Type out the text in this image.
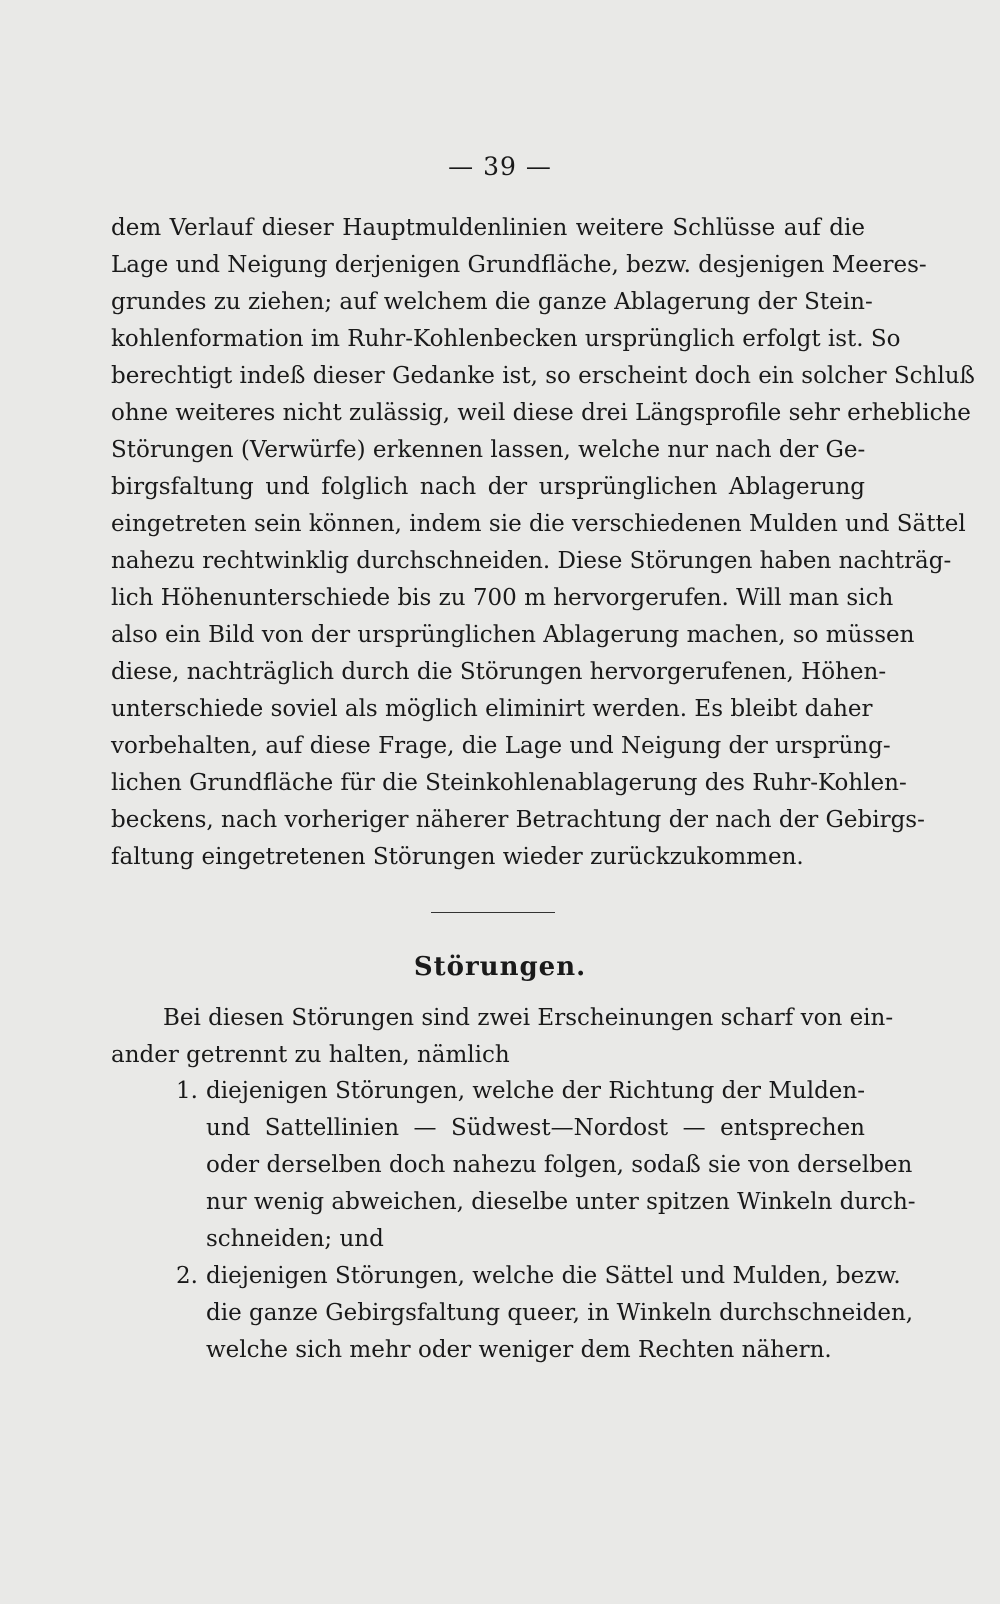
— 39 —
dem Verlauf dieser Hauptmuldenlinien weitere Schlüsse auf die
Lage und Neigung derjenigen Grundfläche, bezw. desjenigen Meeres-
grundes zu ziehen; auf welchem die ganze Ablagerung der Stein-
kohlenformation im Ruhr-Kohlenbecken ursprünglich erfolgt ist. So
berechtigt indeß dieser Gedanke ist, so erscheint doch ein solcher Schluß
ohne weiteres nicht zulässig, weil diese drei Längsprofile sehr erhebliche
Störungen (Verwürfe) erkennen lassen, welche nur nach der Ge-
birgsfaltung und folglich nach der ursprünglichen Ablagerung
eingetreten sein können, indem sie die verschiedenen Mulden und Sättel
nahezu rechtwinklig durchschneiden. Diese Störungen haben nachträg-
lich Höhenunterschiede bis zu 700 m hervorgerufen. Will man sich
also ein Bild von der ursprünglichen Ablagerung machen, so müssen
diese, nachträglich durch die Störungen hervorgerufenen, Höhen-
unterschiede soviel als möglich eliminirt werden. Es bleibt daher
vorbehalten, auf diese Frage, die Lage und Neigung der ursprüng-
lichen Grundfläche für die Steinkohlenablagerung des Ruhr-Kohlen-
beckens, nach vorheriger näherer Betrachtung der nach der Gebirgs-
faltung eingetretenen Störungen wieder zurückzukommen.
Störungen.
Bei diesen Störungen sind zwei Erscheinungen scharf von ein-
ander getrennt zu halten, nämlich
1. diejenigen Störungen, welche der Richtung der Mulden-
und Sattellinien — Südwest—Nordost — entsprechen
oder derselben doch nahezu folgen, sodaß sie von derselben
nur wenig abweichen, dieselbe unter spitzen Winkeln durch-
schneiden; und
2. diejenigen Störungen, welche die Sättel und Mulden, bezw.
die ganze Gebirgsfaltung queer, in Winkeln durchschneiden,
welche sich mehr oder weniger dem Rechten nähern.
